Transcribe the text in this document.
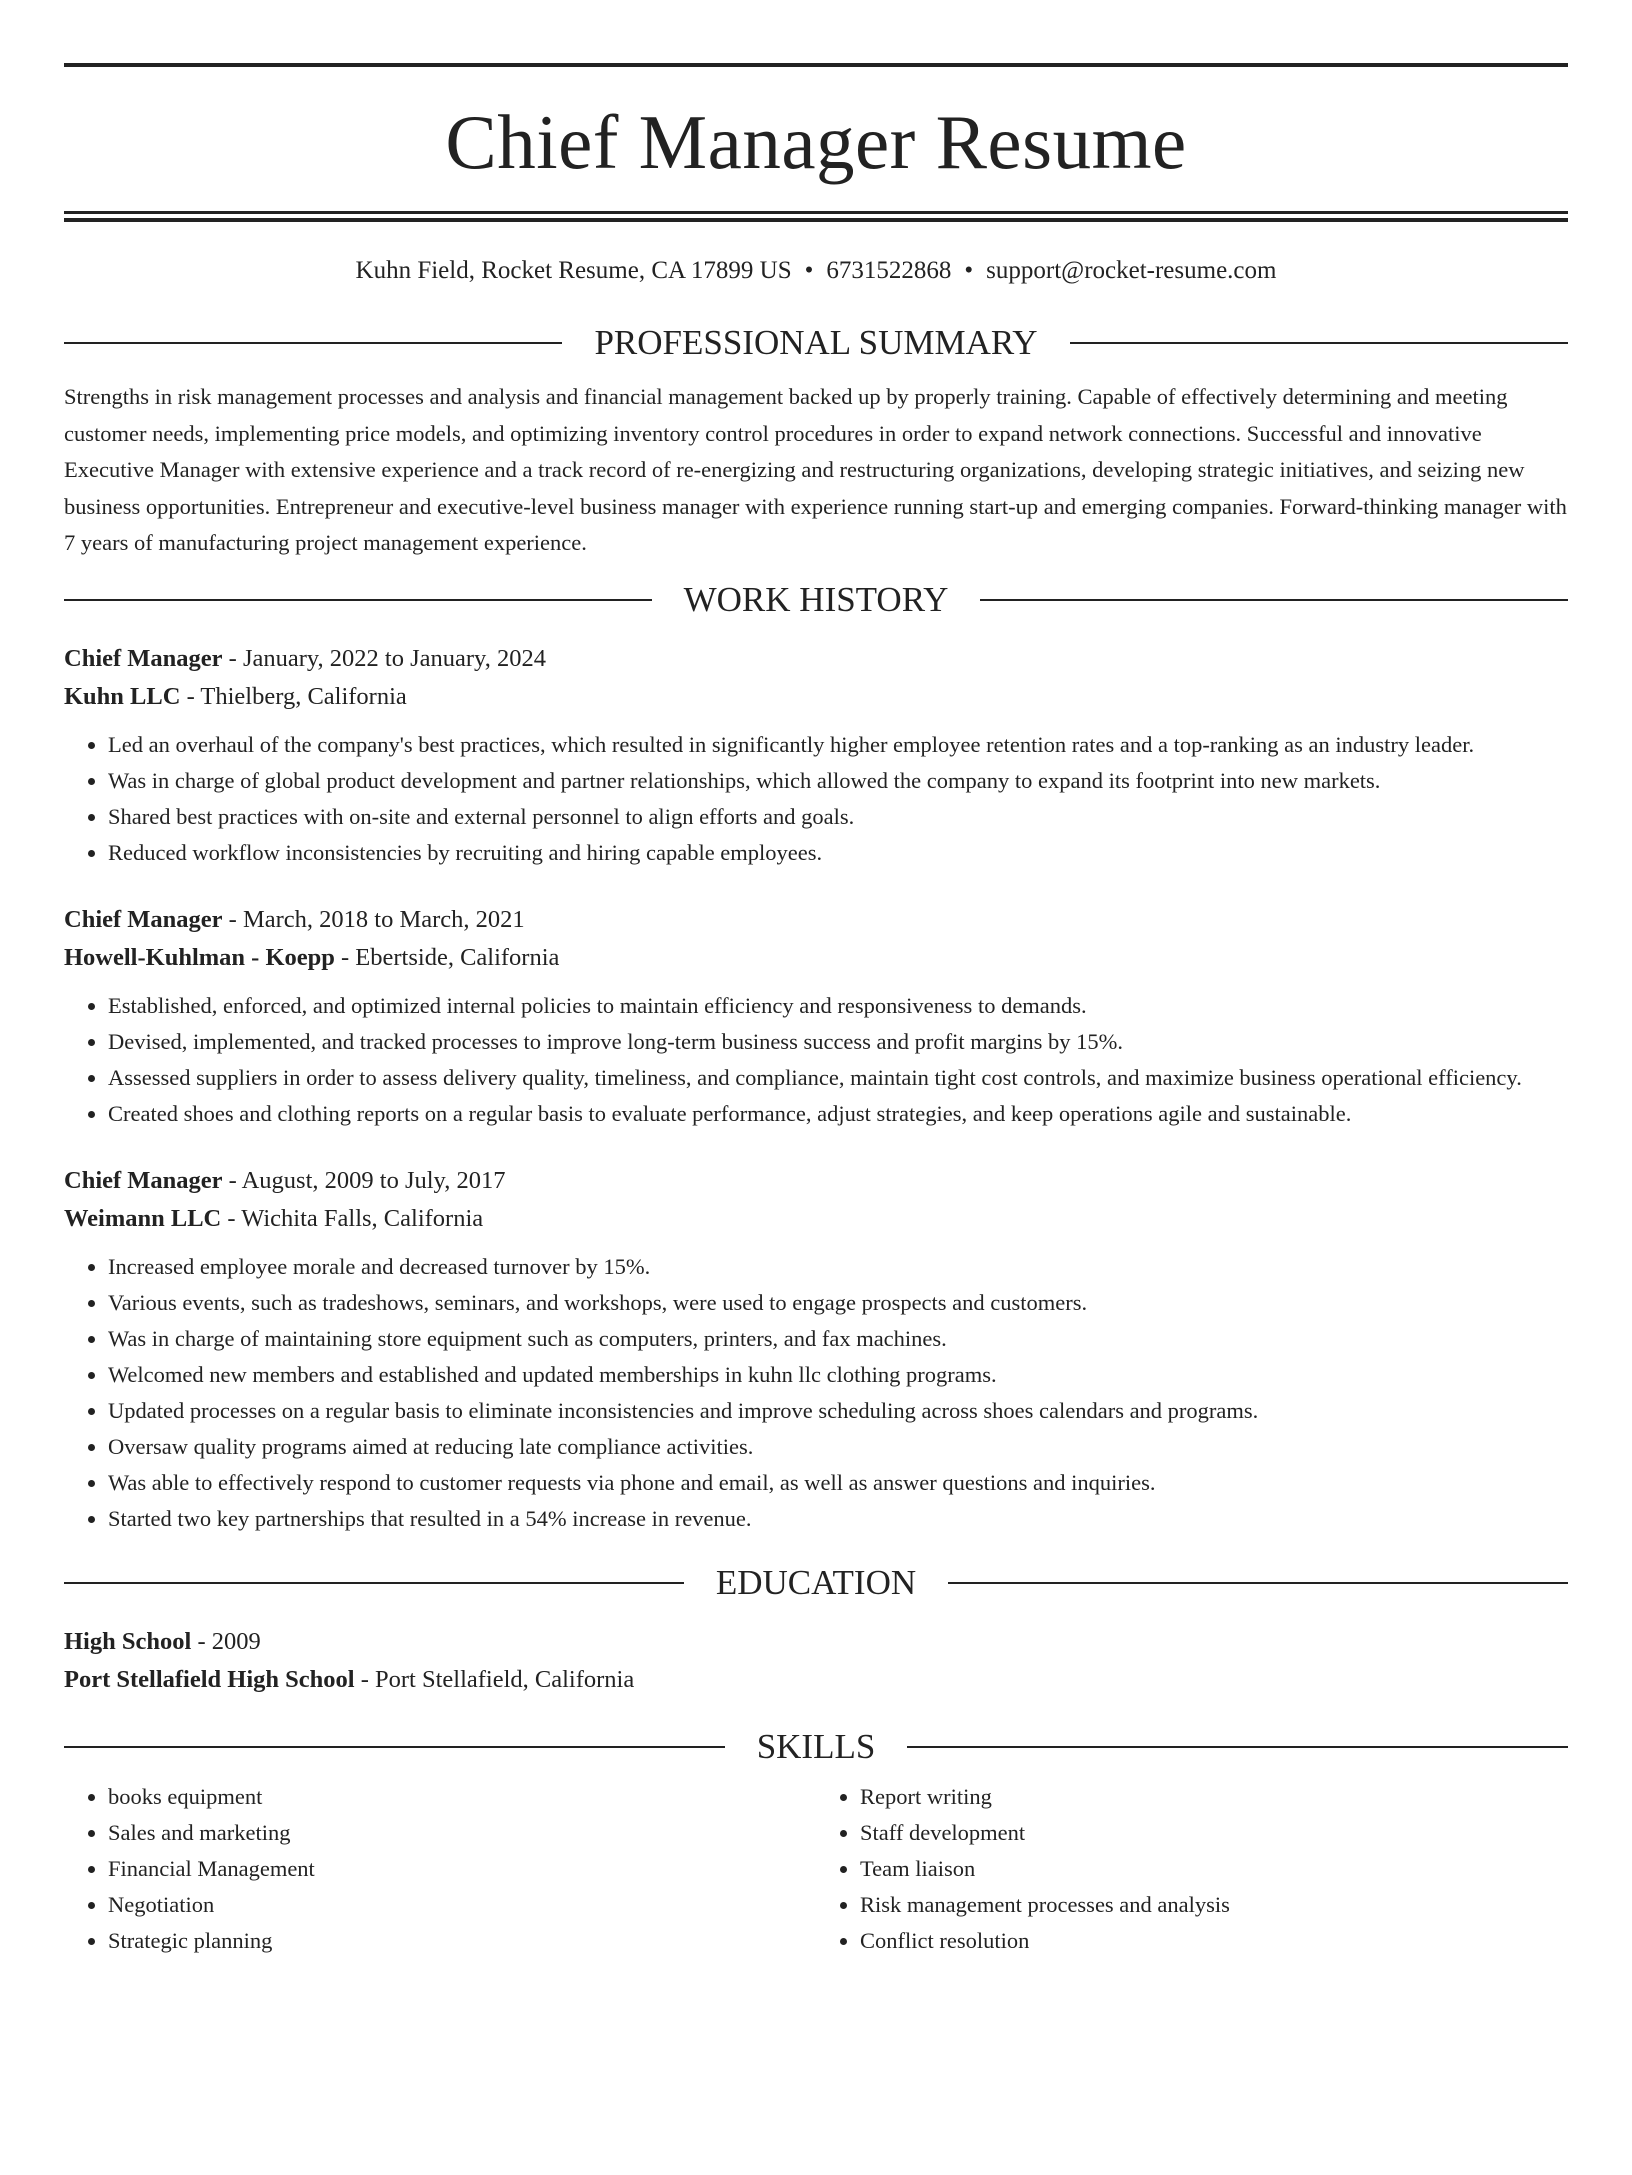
Chief Manager Resume
Kuhn Field, Rocket Resume, CA 17899 US • 6731522868 • support@rocket-resume.com
PROFESSIONAL SUMMARY

Strengths in risk management processes and analysis and financial management backed up by properly training. Capable of effectively determining and meeting customer needs, implementing price models, and optimizing inventory control procedures in order to expand network connections. Successful and innovative Executive Manager with extensive experience and a track record of re-energizing and restructuring organizations, developing strategic initiatives, and seizing new business opportunities. Entrepreneur and executive-level business manager with experience running start-up and emerging companies. Forward-thinking manager with 7 years of manufacturing project management experience.

WORK HISTORY
Chief Manager - January, 2022 to January, 2024
Kuhn LLC - Thielberg, California
• Led an overhaul of the company's best practices, which resulted in significantly higher employee retention rates and a top-ranking as an industry leader.
• Was in charge of global product development and partner relationships, which allowed the company to expand its footprint into new markets.
• Shared best practices with on-site and external personnel to align efforts and goals.
• Reduced workflow inconsistencies by recruiting and hiring capable employees.
Chief Manager - March, 2018 to March, 2021
Howell-Kuhlman - Koepp - Ebertside, California
• Established, enforced, and optimized internal policies to maintain efficiency and responsiveness to demands.
• Devised, implemented, and tracked processes to improve long-term business success and profit margins by 15%.
• Assessed suppliers in order to assess delivery quality, timeliness, and compliance, maintain tight cost controls, and maximize business operational efficiency.
• Created shoes and clothing reports on a regular basis to evaluate performance, adjust strategies, and keep operations agile and sustainable.
Chief Manager - August, 2009 to July, 2017
Weimann LLC - Wichita Falls, California
• Increased employee morale and decreased turnover by 15%.
• Various events, such as tradeshows, seminars, and workshops, were used to engage prospects and customers.
• Was in charge of maintaining store equipment such as computers, printers, and fax machines.
• Welcomed new members and established and updated memberships in kuhn llc clothing programs.
• Updated processes on a regular basis to eliminate inconsistencies and improve scheduling across shoes calendars and programs.
• Oversaw quality programs aimed at reducing late compliance activities.
• Was able to effectively respond to customer requests via phone and email, as well as answer questions and inquiries.
• Started two key partnerships that resulted in a 54% increase in revenue.
EDUCATION
High School - 2009
Port Stellafield High School - Port Stellafield, California
SKILLS
• books equipment
• Sales and marketing
• Financial Management
• Negotiation
• Strategic planning
• Report writing
• Staff development
• Team liaison
• Risk management processes and analysis
• Conflict resolution
